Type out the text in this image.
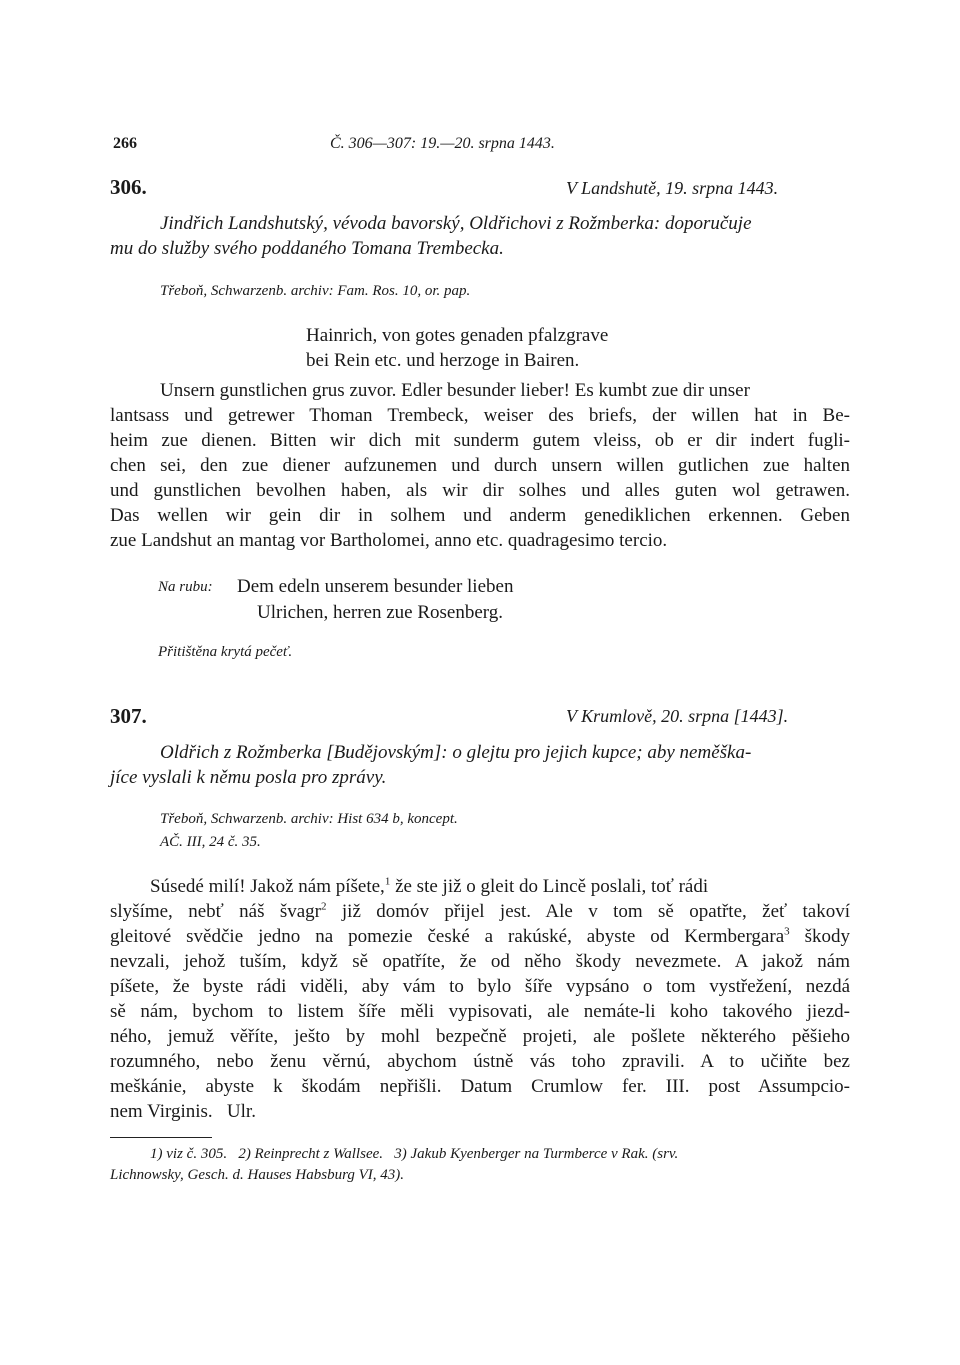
266	Č. 306—307: 19.—20. srpna 1443.
306.	V Landshutě, 19. srpna 1443.
Jindřich Landshutský, vévoda bavorský, Oldřichovi z Rožmberka: doporučuje
mu do služby svého poddaného Tomana Trembecka.
Třeboň, Schwarzenb. archiv: Fam. Ros. 10, or. pap.
Hainrich, von gotes genaden pfalzgrave
bei Rein etc. und herzoge in Bairen.
Unsern gunstlichen grus zuvor. Edler besunder lieber! Es kumbt zue dir unser
lantsass und getrewer Thoman Trembeck, weiser des briefs, der willen hat in Be-
heim zue dienen. Bitten wir dich mit sunderm gutem vleiss, ob er dir indert fugli-
chen sei, den zue diener aufzunemen und durch unsern willen gutlichen zue halten
und gunstlichen bevolhen haben, als wir dir solhes und alles guten wol getrawen.
Das wellen wir gein dir in solhem und anderm genediklichen erkennen. Geben
zue Landshut an mantag vor Bartholomei, anno etc. quadragesimo tercio.
Na rubu: Dem edeln unserem besunder lieben
Ulrichen, herren zue Rosenberg.
Přitištěna krytá pečeť.
307.	V Krumlově, 20. srpna [1443].
Oldřich z Rožmberka [Budějovským]: o glejtu pro jejich kupce; aby neměška-
jíce vyslali k němu posla pro zprávy.
Třeboň, Schwarzenb. archiv: Hist 634 b, koncept.
AČ. III, 24 č. 35.
Súsedé milí! Jakož nám píšete,$^1$ že ste již o gleit do Lincě poslali, toť rádi
slyšíme, nebť náš švagr$^2$ již domóv přijel jest. Ale v tom sě opatřte, žeť takoví
gleitové svědčie jedno na pomezie české a rakúské, abyste od Kermbergara$^3$ škody
nevzali, jehož tuším, když sě opatříte, že od něho škody nevezmete. A jakož nám
píšete, že byste rádi viděli, aby vám to bylo šíře vypsáno o tom vystřežení, nezdá
sě nám, bychom to listem šíře měli vypisovati, ale nemáte-li koho takového jiezd-
ného, jemuž věříte, ješto by mohl bezpečně projeti, ale pošlete některého pěšieho
rozumného, nebo ženu věrnú, abychom ústně vás toho zpravili. A to učiňte bez
meškánie, abyste k škodám nepřišli. Datum Crumlow fer. III. post Assumpcio-
nem Virginis.   Ulr.
1) viz č. 305.   2) Reinprecht z Wallsee.   3) Jakub Kyenberger na Turmberce v Rak. (srv.
Lichnowsky, Gesch. d. Hauses Habsburg VI, 43).
